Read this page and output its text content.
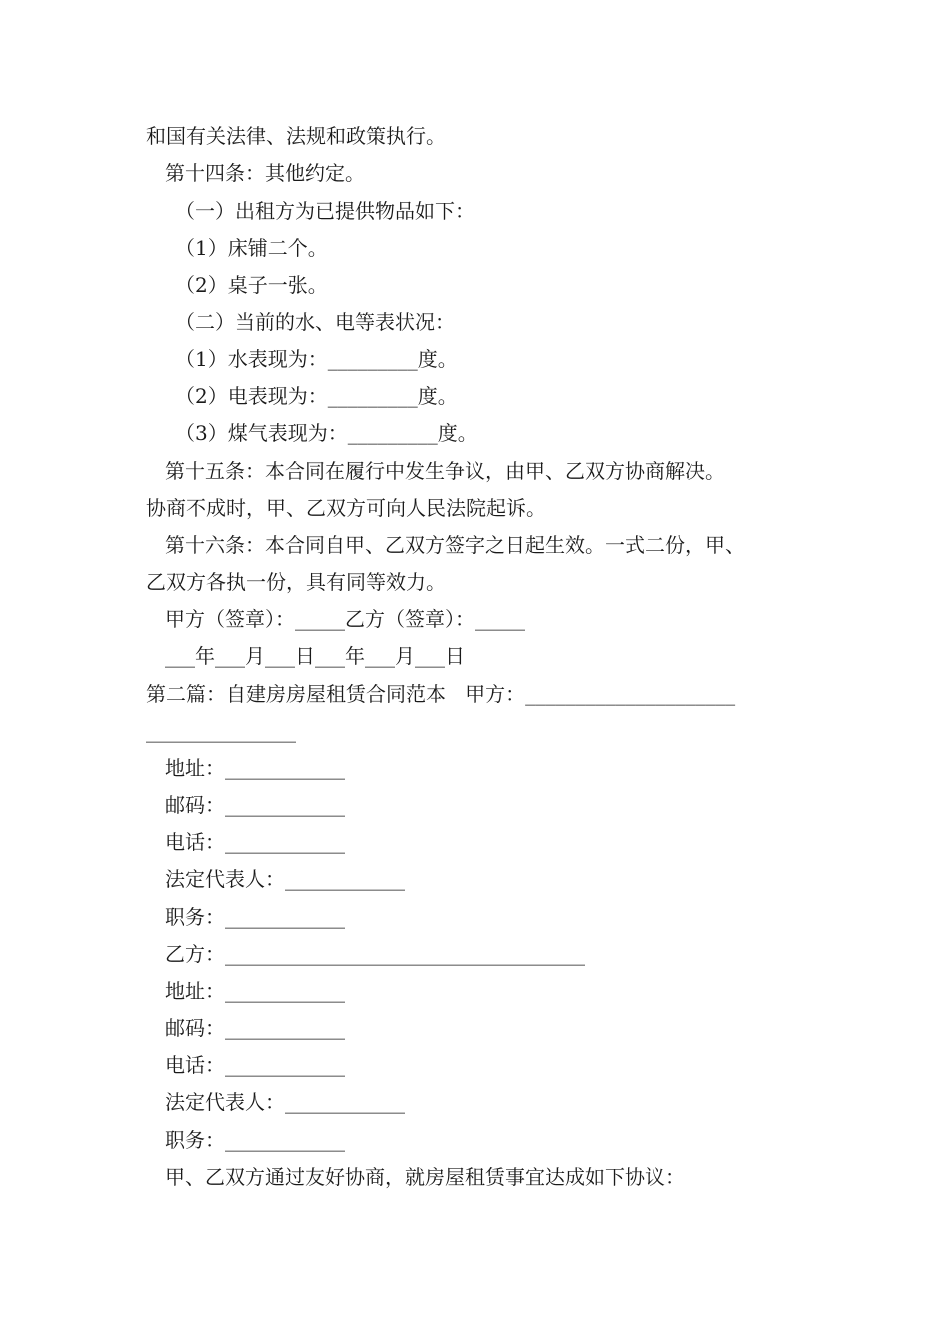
和国有关法律、法规和政策执行。
第十四条：其他约定。
（一）出租方为已提供物品如下：
（1）床铺二个。
（2）桌子一张。
（二）当前的水、电等表状况：
（1）水表现为：_________度。
（2）电表现为：_________度。
（3）煤气表现为：_________度。
第十五条：本合同在履行中发生争议，由甲、乙双方协商解决。
协商不成时，甲、乙双方可向人民法院起诉。
第十六条：本合同自甲、乙双方签字之日起生效。一式二份，甲、
乙双方各执一份，具有同等效力。
甲方（签章）：_____乙方（签章）：_____
___年___月___日___年___月___日
第二篇：自建房房屋租赁合同范本   甲方：_____________________
_______________
地址：____________
邮码：____________
电话：____________
法定代表人：____________
职务：____________
乙方：____________________________________
地址：____________
邮码：____________
电话：____________
法定代表人：____________
职务：____________
甲、乙双方通过友好协商，就房屋租赁事宜达成如下协议：
